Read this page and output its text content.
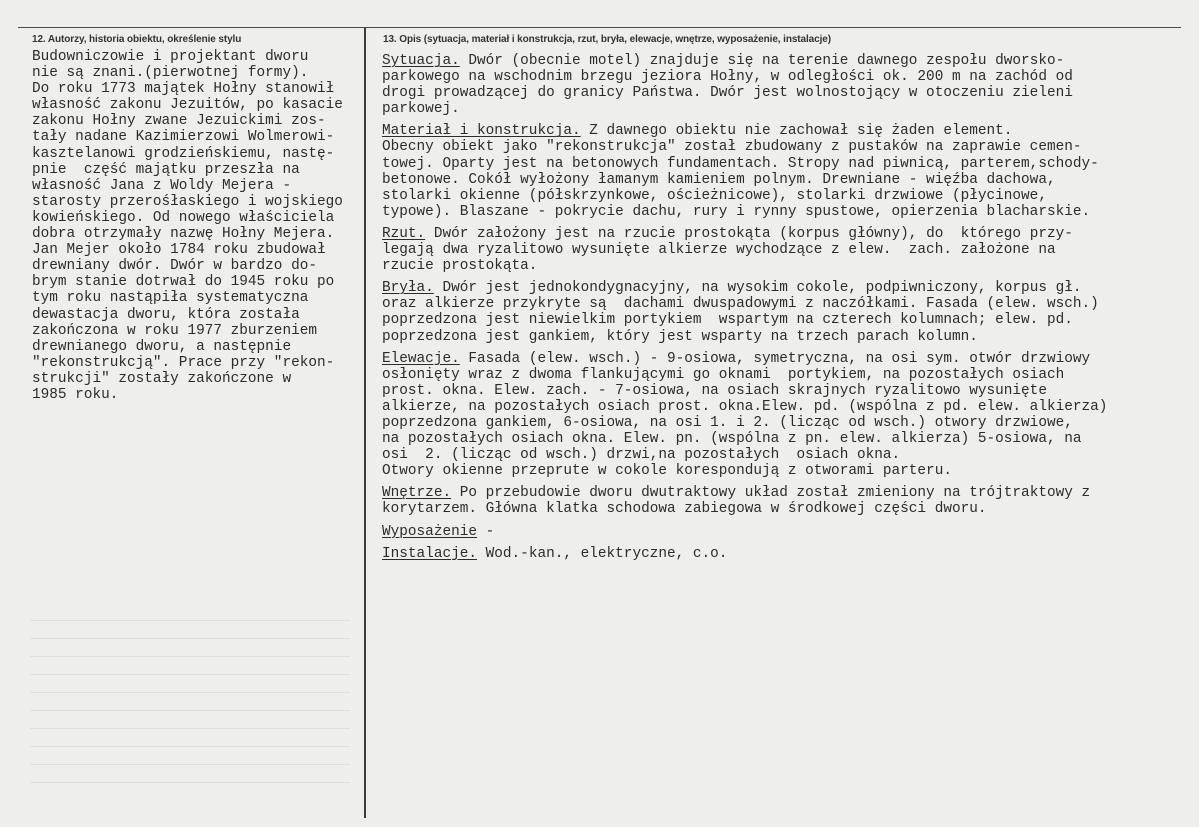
12. Autorzy, historia obiektu, określenie stylu	13. Opis (sytuacja, materiał i konstrukcja, rzut, bryła, elewacje, wnętrze, wyposażenie, instalacje)
Budowniczowie i projektant dworu
nie są znani.(pierwotnej formy).
Do roku 1773 majątek Hołny stanowił
własność zakonu Jezuitów, po kasacie
zakonu Hołny zwane Jezuickimi zos-
tały nadane Kazimierzowi Wolmerowi-
kasztelanowi grodzieńskiemu, nastę-
pnie  część majątku przeszła na
własność Jana z Woldy Mejera -
starosty przerośłaskiego i wojskiego
kowieńskiego. Od nowego właściciela
dobra otrzymały nazwę Hołny Mejera.
Jan Mejer około 1784 roku zbudował
drewniany dwór. Dwór w bardzo do-
brym stanie dotrwał do 1945 roku po
tym roku nastąpiła systematyczna
dewastacja dworu, która została
zakończona w roku 1977 zburzeniem
drewnianego dworu, a następnie
"rekonstrukcją". Prace przy "rekon-
strukcji" zostały zakończone w
1985 roku.
Sytuacja. Dwór (obecnie motel) znajduje się na terenie dawnego zespołu dworsko-
parkowego na wschodnim brzegu jeziora Hołny, w odległości ok. 200 m na zachód od
drogi prowadzącej do granicy Państwa. Dwór jest wolnostojący w otoczeniu zieleni
parkowej.
Materiał i konstrukcja. Z dawnego obiektu nie zachował się żaden element.
Obecny obiekt jako "rekonstrukcja" został zbudowany z pustaków na zaprawie cemen-
towej. Oparty jest na betonowych fundamentach. Stropy nad piwnicą, parterem,schody-
betonowe. Cokół wyłożony łamanym kamieniem polnym. Drewniane - więźba dachowa,
stolarki okienne (półskrzynkowe, ościeżnicowe), stolarki drzwiowe (płycinowe,
typowe). Blaszane - pokrycie dachu, rury i rynny spustowe, opierzenia blacharskie.
Rzut. Dwór założony jest na rzucie prostokąta (korpus główny), do  którego przy-
legają dwa ryzalitowo wysunięte alkierze wychodzące z elew.  zach. założone na
rzucie prostokąta.
Bryła. Dwór jest jednokondygnacyjny, na wysokim cokole, podpiwniczony, korpus gł.
oraz alkierze przykryte są  dachami dwuspadowymi z naczółkami. Fasada (elew. wsch.)
poprzedzona jest niewielkim portykiem  wspartym na czterech kolumnach; elew. pd.
poprzedzona jest gankiem, który jest wsparty na trzech parach kolumn.
Elewacje. Fasada (elew. wsch.) - 9-osiowa, symetryczna, na osi sym. otwór drzwiowy
osłonięty wraz z dwoma flankującymi go oknami  portykiem, na pozostałych osiach
prost. okna. Elew. zach. - 7-osiowa, na osiach skrajnych ryzalitowo wysunięte
alkierze, na pozostałych osiach prost. okna.Elew. pd. (wspólna z pd. elew. alkierza)
poprzedzona gankiem, 6-osiowa, na osi 1. i 2. (licząc od wsch.) otwory drzwiowe,
na pozostałych osiach okna. Elew. pn. (wspólna z pn. elew. alkierza) 5-osiowa, na
osi  2. (licząc od wsch.) drzwi,na pozostałych  osiach okna.
Otwory okienne przeprute w cokole korespondują z otworami parteru.
Wnętrze. Po przebudowie dworu dwutraktowy układ został zmieniony na trójtraktowy z
korytarzem. Główna klatka schodowa zabiegowa w środkowej części dworu.
Wyposażenie -
Instalacje. Wod.-kan., elektryczne, c.o.
